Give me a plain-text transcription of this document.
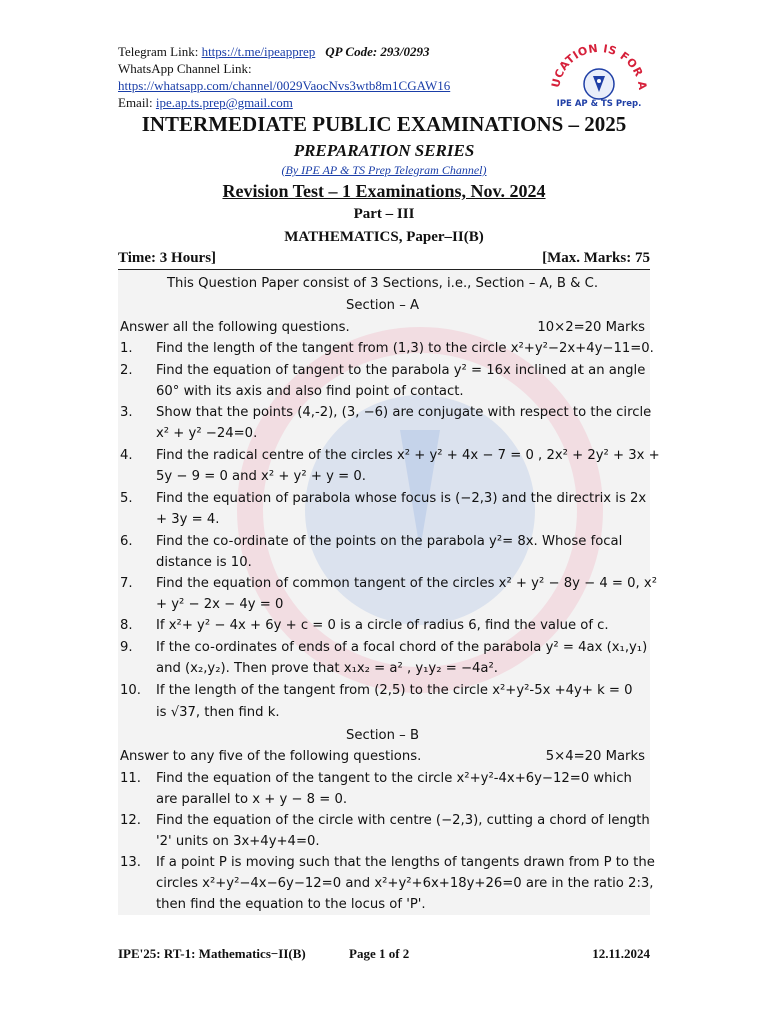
Telegram Link: https://t.me/ipeapprep QP Code: 293/0293
WhatsApp Channel Link:
https://whatsapp.com/channel/0029VaocNvs3wtb8m1CGAW16
Email: ipe.ap.ts.prep@gmail.com
UCATION IS FOR A
IPE AP & TS Prep.
INTERMEDIATE PUBLIC EXAMINATIONS – 2025
PREPARATION SERIES
(By IPE AP & TS Prep Telegram Channel)
Revision Test – 1 Examinations, Nov. 2024
Part – III
MATHEMATICS, Paper–II(B)
Time: 3 Hours]	[Max. Marks: 75
This Question Paper consist of 3 Sections, i.e., Section – A, B & C.
Section – A
Answer all the following questions.	10×2=20 Marks
1. Find the length of the tangent from (1,3) to the circle x²+y²−2x+4y−11=0.
2. Find the equation of tangent to the parabola y² = 16x inclined at an angle
60° with its axis and also find point of contact.
3. Show that the points (4,-2), (3, −6) are conjugate with respect to the circle
x² + y² −24=0.
4. Find the radical centre of the circles x² + y² + 4x − 7 = 0 , 2x² + 2y² + 3x +
5y − 9 = 0 and x² + y² + y = 0.
5. Find the equation of parabola whose focus is (−2,3) and the directrix is 2x
+ 3y = 4.
6. Find the co-ordinate of the points on the parabola y²= 8x. Whose focal
distance is 10.
7. Find the equation of common tangent of the circles x² + y² − 8y − 4 = 0, x²
+ y² − 2x − 4y = 0
8. If x²+ y² − 4x + 6y + c = 0 is a circle of radius 6, find the value of c.
9. If the co-ordinates of ends of a focal chord of the parabola y² = 4ax (x₁,y₁)
and (x₂,y₂). Then prove that x₁x₂ = a² , y₁y₂ = −4a².
10. If the length of the tangent from (2,5) to the circle x²+y²-5x +4y+ k = 0
is √37, then find k.
Section – B
Answer to any five of the following questions.	5×4=20 Marks
11. Find the equation of the tangent to the circle x²+y²-4x+6y−12=0 which
are parallel to x + y − 8 = 0.
12. Find the equation of the circle with centre (−2,3), cutting a chord of length
'2' units on 3x+4y+4=0.
13. If a point P is moving such that the lengths of tangents drawn from P to the
circles x²+y²−4x−6y−12=0 and x²+y²+6x+18y+26=0 are in the ratio 2:3,
then find the equation to the locus of 'P'.
IPE'25: RT-1: Mathematics−II(B)	Page 1 of 2	12.11.2024
